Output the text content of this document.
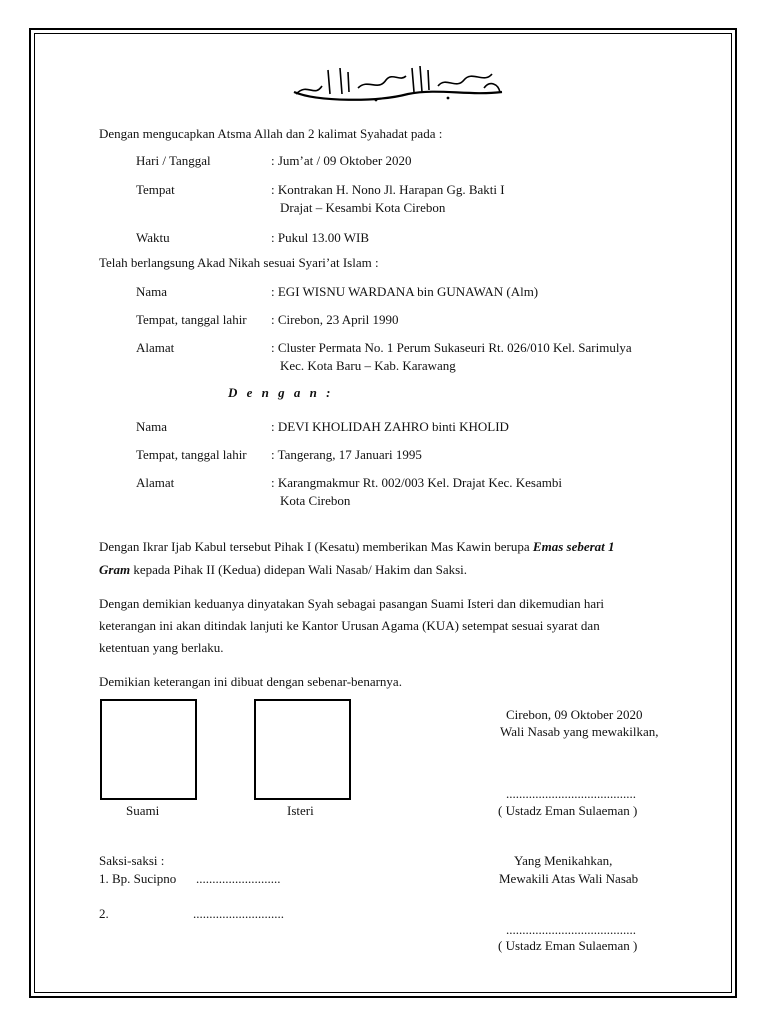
Dengan mengucapkan Atsma Allah dan 2 kalimat Syahadat pada :
Hari / Tanggal	: Jum’at / 09 Oktober 2020
Tempat	: Kontrakan H. Nono Jl. Harapan Gg. Bakti I
Drajat – Kesambi Kota Cirebon
Waktu	: Pukul 13.00 WIB
Telah berlangsung Akad Nikah sesuai Syari’at Islam :
Nama	: EGI WISNU WARDANA bin GUNAWAN (Alm)
Tempat, tanggal lahir : Cirebon, 23 April 1990
Alamat	: Cluster Permata No. 1 Perum Sukaseuri Rt. 026/010 Kel. Sarimulya
Kec. Kota Baru – Kab. Karawang
D e n g a n :
Nama	: DEVI KHOLIDAH ZAHRO binti KHOLID
Tempat, tanggal lahir : Tangerang, 17 Januari 1995
Alamat	: Karangmakmur Rt. 002/003 Kel. Drajat Kec. Kesambi
Kota Cirebon
Dengan Ikrar Ijab Kabul tersebut Pihak I (Kesatu) memberikan Mas Kawin berupa Emas seberat 1
Gram kepada Pihak II (Kedua) didepan Wali Nasab/ Hakim dan Saksi.
Dengan demikian keduanya dinyatakan Syah sebagai pasangan Suami Isteri dan dikemudian hari
keterangan ini akan ditindak lanjuti ke Kantor Urusan Agama (KUA) setempat sesuai syarat dan
ketentuan yang berlaku.
Demikian keterangan ini dibuat dengan sebenar-benarnya.
Suami	Isteri
Cirebon, 09 Oktober 2020
Wali Nasab yang mewakilkan,
........................................
( Ustadz Eman Sulaeman )
Saksi-saksi :
1. Bp. Sucipno ..........................
2.	............................
Yang Menikahkan,
Mewakili Atas Wali Nasab
........................................
( Ustadz Eman Sulaeman )
